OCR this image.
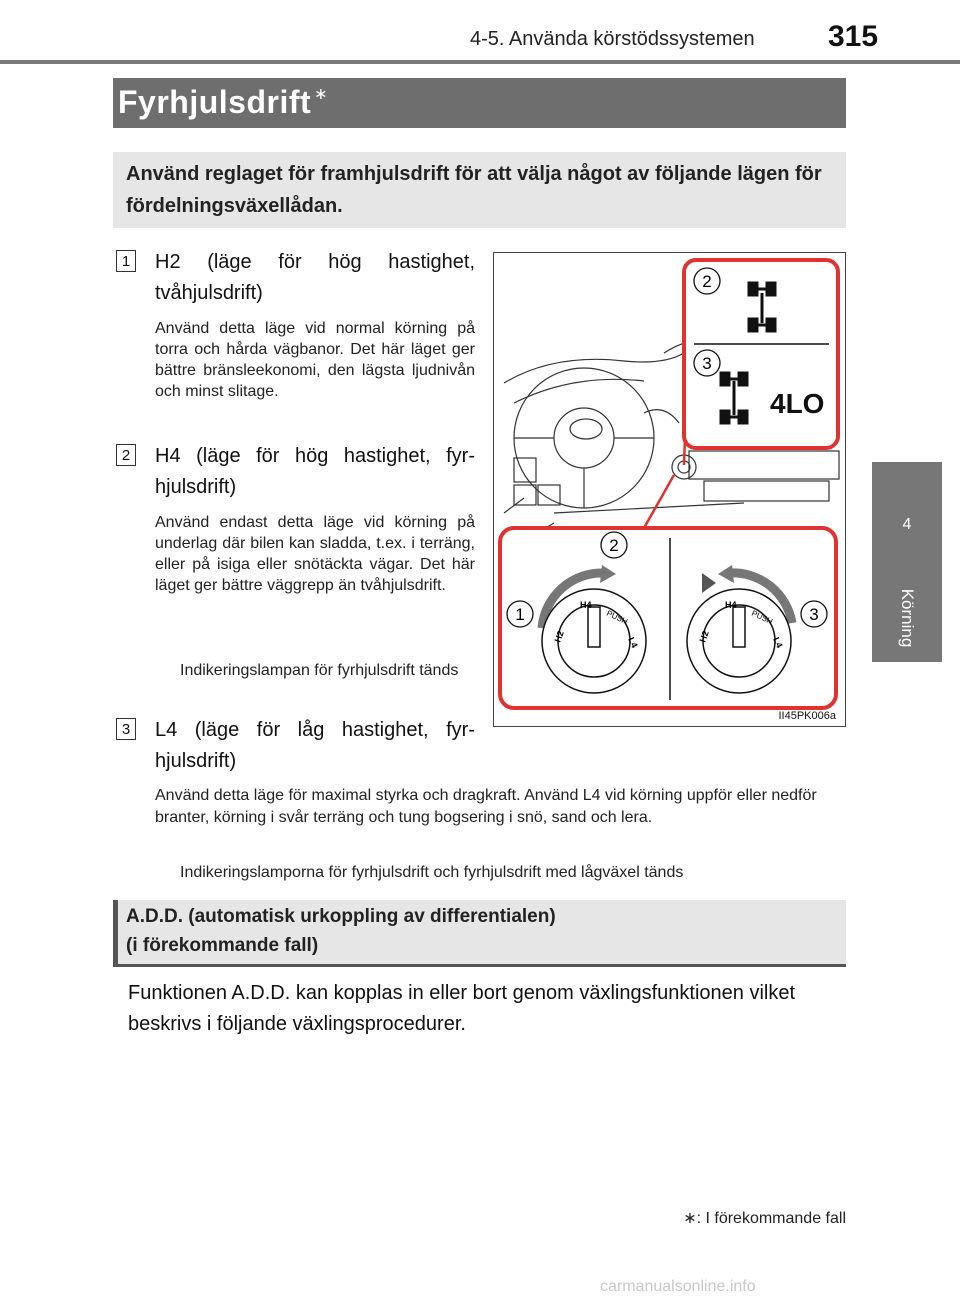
4-5. Använda körstödssystemen 315
4
Körning
Fyrhjulsdrift ∗
Använd reglaget för framhjulsdrift för att välja något av följande lägen för fördelningsväxellådan.
1 H2 (läge för hög hastighet, tvåhjulsdrift)
Använd detta läge vid normal körning på torra och hårda vägbanor. Det här läget ger bättre bränsleekonomi, den lägsta ljudnivån och minst slitage.
2 H4 (läge för hög hastighet, fyrhjulsdrift)
Använd endast detta läge vid körning på underlag där bilen kan sladda, t.ex. i terräng, eller på isiga eller snötäckta vägar. Det här läget ger bättre väggrepp än tvåhjulsdrift.
Indikeringslampan för fyrhjulsdrift tänds
3 L4 (läge för låg hastighet, fyrhjulsdrift)
Använd detta läge för maximal styrka och dragkraft. Använd L4 vid körning uppför eller nedför branter, körning i svår terräng och tung bogsering i snö, sand och lera.
Indikeringslamporna för fyrhjulsdrift och fyrhjulsdrift med lågväxel tänds
2
3
4LO
H4
PUSH
L4
H2
1	H4
PUSH
L4
H2
3
2
II45PK006a
A.D.D. (automatisk urkoppling av differentialen)
(i förekommande fall)
Funktionen A.D.D. kan kopplas in eller bort genom växlingsfunktionen vilket beskrivs i följande växlingsprocedurer.
∗: I förekommande fall
carmanualsonline.info
